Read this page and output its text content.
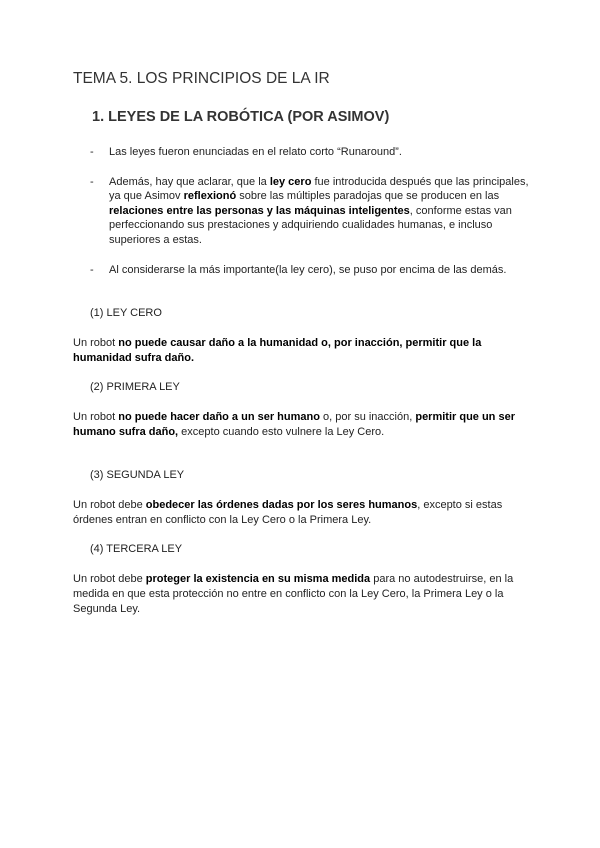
TEMA 5. LOS PRINCIPIOS DE LA IR
1. LEYES DE LA ROBÓTICA (POR ASIMOV)
- Las leyes fueron enunciadas en el relato corto “Runaround”.
- Además, hay que aclarar, que la ley cero fue introducida después que las principales, ya que Asimov reflexionó sobre las múltiples paradojas que se producen en las relaciones entre las personas y las máquinas inteligentes, conforme estas van perfeccionando sus prestaciones y adquiriendo cualidades humanas, e incluso superiores a estas.
- Al considerarse la más importante(la ley cero), se puso por encima de las demás.

(1) LEY CERO

Un robot no puede causar daño a la humanidad o, por inacción, permitir que la humanidad sufra daño.

(2) PRIMERA LEY

Un robot no puede hacer daño a un ser humano o, por su inacción, permitir que un ser humano sufra daño, excepto cuando esto vulnere la Ley Cero.

(3) SEGUNDA LEY

Un robot debe obedecer las órdenes dadas por los seres humanos, excepto si estas órdenes entran en conflicto con la Ley Cero o la Primera Ley.

(4) TERCERA LEY

Un robot debe proteger la existencia en su misma medida para no autodestruirse, en la medida en que esta protección no entre en conflicto con la Ley Cero, la Primera Ley o la Segunda Ley.
